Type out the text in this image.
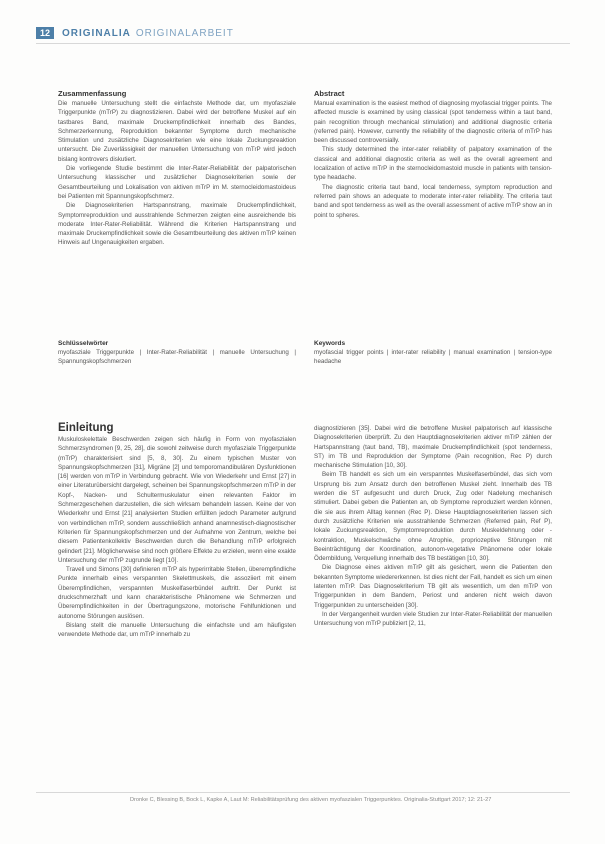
12	ORIGINALIA ORIGINALARBEIT
Zusammenfassung

Die manuelle Untersuchung stellt die einfachste Methode dar, um myofasziale Triggerpunkte (mTrP) zu diagnostizieren. Dabei wird der betroffene Muskel auf ein tastbares Band, maximale Druckempfindlichkeit innerhalb des Bandes, Schmerzerkennung, Reproduktion bekannter Symptome durch mechanische Stimulation und zusätzliche Diagnosekriterien wie eine lokale Zuckungsreaktion untersucht. Die Zuverlässigkeit der manuellen Untersuchung von mTrP wird jedoch bislang kontrovers diskutiert.

Die vorliegende Studie bestimmt die Inter-Rater-Reliabilität der palpatorischen Untersuchung klassischer und zusätzlicher Diagnosekriterien sowie der Gesamtbeurteilung und Lokalisation von aktiven mTrP im M. sternocleidomastoideus bei Patienten mit Spannungskopfschmerz.

Die Diagnosekriterien Hartspannstrang, maximale Druckempfindlichkeit, Symptomreproduktion und ausstrahlende Schmerzen zeigten eine ausreichende bis moderate Inter-Rater-Reliabilität. Während die Kriterien Hartspannstrang und maximale Druckempfindlichkeit sowie die Gesamtbeurteilung des aktiven mTrP keinen Hinweis auf Ungenauigkeiten ergaben.

Schlüsselwörter

myofasziale Triggerpunkte | Inter-Rater-Reliabilität | manuelle Untersuchung | Spannungskopfschmerzen

Abstract

Manual examination is the easiest method of diagnosing myofascial trigger points. The affected muscle is examined by using classical (spot tenderness within a taut band, pain recognition through mechanical stimulation) and additional diagnostic criteria (referred pain). However, currently the reliability of the diagnostic criteria of mTrP has been discussed controversially.

This study determined the inter-rater reliability of palpatory examination of the classical and additional diagnostic criteria as well as the overall agreement and localization of active mTrP in the sternocleidomastoid muscle in patients with tension-type headache.

The diagnostic criteria taut band, local tenderness, symptom reproduction and referred pain shows an adequate to moderate inter-rater reliability. The criteria taut band and spot tenderness as well as the overall assessment of active mTrP show an in point to spheres.

Keywords

myofascial trigger points | inter-rater reliability | manual examination | tension-type headache

Einleitung

Muskuloskelettale Beschwerden zeigen sich häufig in Form von myofaszialen Schmerzsyndromen [9, 25, 28], die sowohl zeitweise durch myofasziale Triggerpunkte (mTrP) charakterisiert sind [5, 8, 30]. Zu einem typischen Muster von Spannungskopfschmerzen [31], Migräne [2] und temporomandibulären Dysfunktionen [16] werden von mTrP in Verbindung gebracht. Wie von Wiederkehr und Ernst [27] in einer Literaturübersicht dargelegt, scheinen bei Spannungskopfschmerzen mTrP in der Kopf-, Nacken- und Schultermuskulatur einen relevanten Faktor im Schmerzgeschehen darzustellen, die sich wirksam behandeln lassen. Keine der von Wiederkehr und Ernst [21] analysierten Studien erfüllten jedoch Parameter aufgrund von verbindlichen mTrP, sondern ausschließlich anhand anamnestisch-diagnostischer Kriterien für Spannungskopfschmerzen und der Aufnahme von Zentrum, welche bei diesem Patientenkollektiv Beschwerden durch die Behandlung mTrP erfolgreich gelindert [21]. Möglicherweise sind noch größere Effekte zu erzielen, wenn eine exakte Untersuchung der mTrP zugrunde liegt [10].

Travell und Simons [30] definieren mTrP als hyperirritable Stellen, überempfindliche Punkte innerhalb eines verspannten Skelettmuskels, die assoziiert mit einem Überempfindlichen, verspannten Muskelfaserbündel auftritt. Der Punkt ist druckschmerzhaft und kann charakteristische Phänomene wie Schmerzen und Überempfindlichkeiten in der Übertragungszone, motorische Fehlfunktionen und autonome Störungen auslösen.

Bislang stellt die manuelle Untersuchung die einfachste und am häufigsten verwendete Methode dar, um mTrP innerhalb zu

diagnostizieren [35]. Dabei wird die betroffene Muskel palpatorisch auf klassische Diagnosekriterien überprüft. Zu den Hauptdiagnosekriterien aktiver mTrP zählen der Hartspannstrang (taut band, TB), maximale Druckempfindlichkeit (spot tenderness, ST) im TB und Reproduktion der Symptome (Pain recognition, Rec P) durch mechanische Stimulation [10, 30].

Beim TB handelt es sich um ein verspanntes Muskelfaserbündel, das sich vom Ursprung bis zum Ansatz durch den betroffenen Muskel zieht. Innerhalb des TB werden die ST aufgesucht und durch Druck, Zug oder Nadelung mechanisch stimuliert. Dabei geben die Patienten an, ob Symptome reproduziert werden können, die sie aus ihrem Alltag kennen (Rec P). Diese Hauptdiagnosekriterien lassen sich durch zusätzliche Kriterien wie ausstrahlende Schmerzen (Referred pain, Ref P), lokale Zuckungsreaktion, Symptomreproduktion durch Muskeldehnung oder -kontraktion, Muskelschwäche ohne Atrophie, propriozeptive Störungen mit Beeinträchtigung der Koordination, autonom-vegetative Phänomene oder lokale Ödembildung, Verquellung innerhalb des TB bestätigen [10, 30].

Die Diagnose eines aktiven mTrP gilt als gesichert, wenn die Patienten den bekannten Symptome wiedererkennen. Ist dies nicht der Fall, handelt es sich um einen latenten mTrP. Das Diagnosekriterium TB gilt als wesentlich, um den mTrP von Triggerpunkten in dem Bandern, Periost und anderen nicht weich davon Triggerpunkten zu unterscheiden [30].

In der Vergangenheit wurden viele Studien zur Inter-Rater-Reliabilität der manuellen Untersuchung von mTrP publiziert [2, 11,

Dronke C, Blessing B, Bock L, Kapke A, Laut M: Reliabilitätsprüfung des aktiven myofaszialen Triggerpunktes. Originalia-Stuttgart 2017; 12: 21-27
